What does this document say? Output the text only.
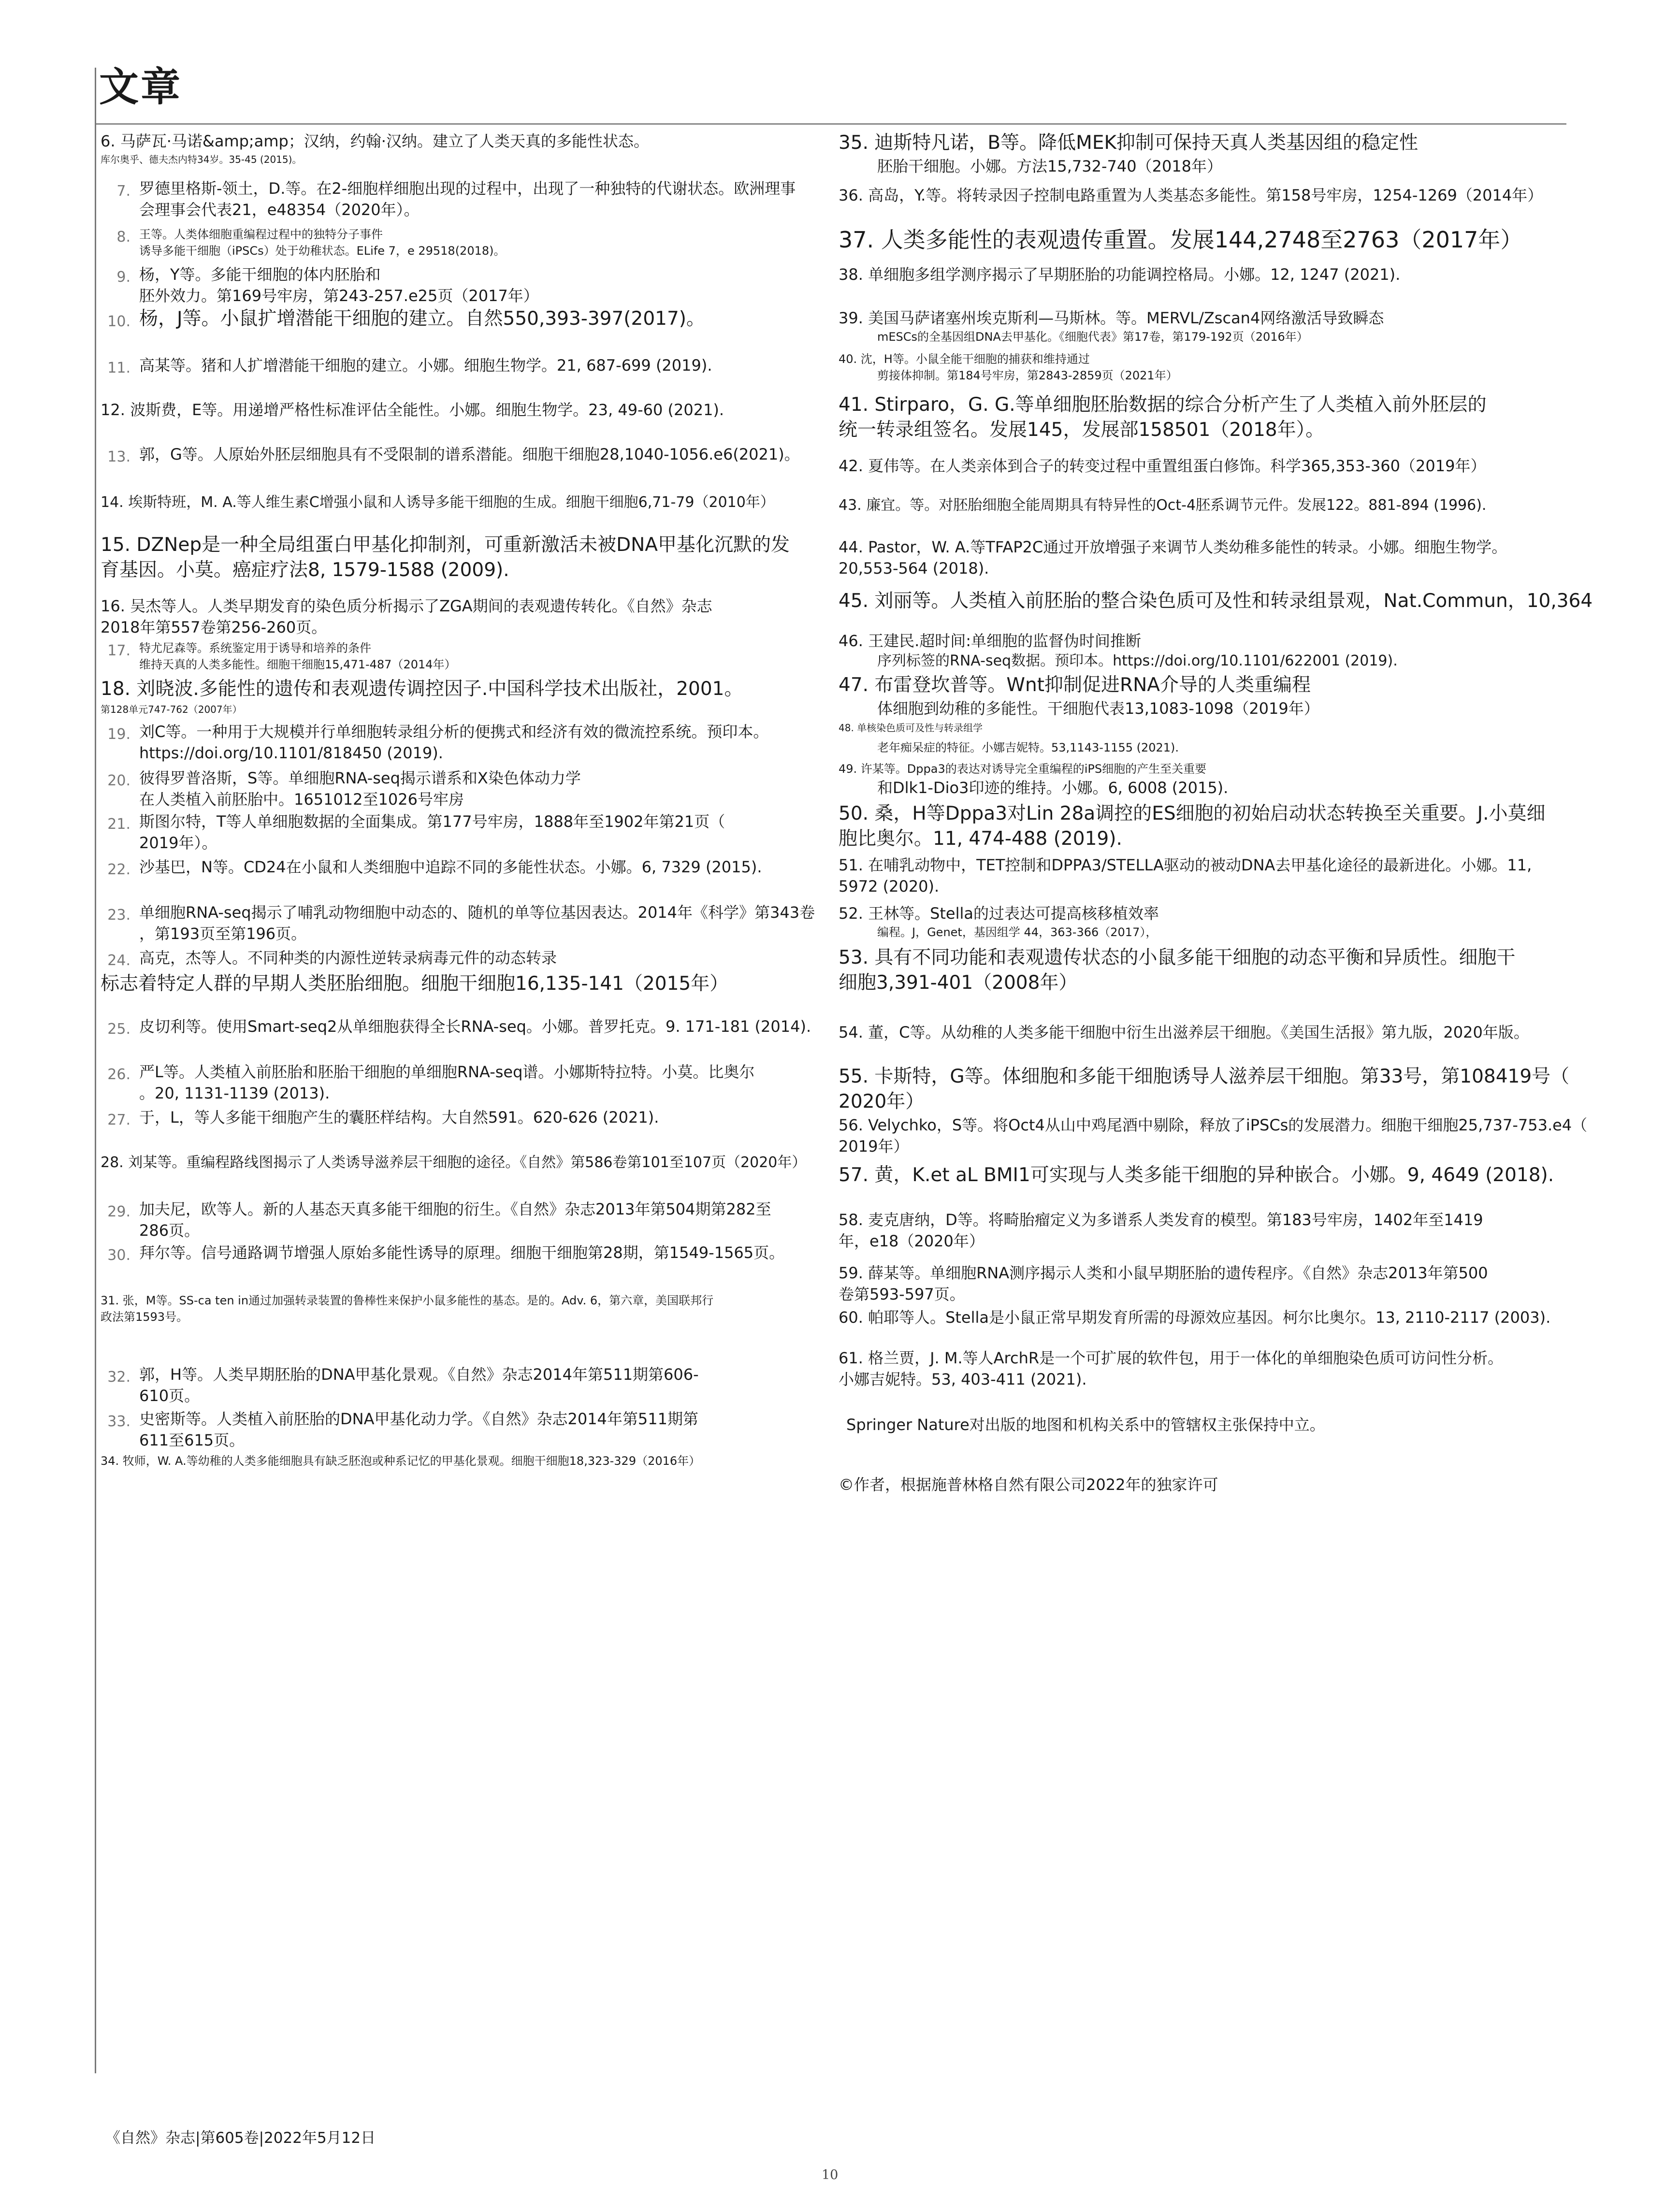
文章
6. 马萨瓦·马诺&amp;amp；汉纳，约翰·汉纳。建立了人类天真的多能性状态。
库尔奥乎、德夫杰内特34岁。35-45 (2015)。
7. 罗德里格斯-领土，D.等。在2-细胞样细胞出现的过程中，出现了一种独特的代谢状态。欧洲理事
会理事会代表21，e48354（2020年）。
8. 王等。人类体细胞重编程过程中的独特分子事件
诱导多能干细胞（iPSCs）处于幼稚状态。ELife 7，e 29518(2018)。
9. 杨，Y等。多能干细胞的体内胚胎和
胚外效力。第169号牢房，第243-257.e25页（2017年）
10. 杨，J等。小鼠扩增潜能干细胞的建立。自然550,393-397(2017)。
11. 高某等。猪和人扩增潜能干细胞的建立。小娜。细胞生物学。21, 687-699 (2019).
12. 波斯费，E等。用递增严格性标准评估全能性。小娜。细胞生物学。23, 49-60 (2021).
13. 郭，G等。人原始外胚层细胞具有不受限制的谱系潜能。细胞干细胞28,1040-1056.e6(2021)。
14. 埃斯特班，M. A.等人维生素C增强小鼠和人诱导多能干细胞的生成。细胞干细胞6,71-79（2010年）
15. DZNep是一种全局组蛋白甲基化抑制剂，可重新激活未被DNA甲基化沉默的发
育基因。小莫。癌症疗法8, 1579-1588 (2009).
16. 吴杰等人。人类早期发育的染色质分析揭示了ZGA期间的表观遗传转化。《自然》杂志
2018年第557卷第256-260页。
17. 特尤尼森等。系统鉴定用于诱导和培养的条件
维持天真的人类多能性。细胞干细胞15,471-487（2014年）
18. 刘晓波.多能性的遗传和表观遗传调控因子.中国科学技术出版社，2001。
第128单元747-762（2007年）
19. 刘C等。一种用于大规模并行单细胞转录组分析的便携式和经济有效的微流控系统。预印本。
https://doi.org/10.1101/818450 (2019).
20. 彼得罗普洛斯，S等。单细胞RNA-seq揭示谱系和X染色体动力学
在人类植入前胚胎中。1651012至1026号牢房
21. 斯图尔特，T等人单细胞数据的全面集成。第177号牢房，1888年至1902年第21页（
2019年）。
22. 沙基巴，N等。CD24在小鼠和人类细胞中追踪不同的多能性状态。小娜。6, 7329 (2015).
23. 单细胞RNA-seq揭示了哺乳动物细胞中动态的、随机的单等位基因表达。2014年《科学》第343卷
，第193页至第196页。
24. 高克，杰等人。不同种类的内源性逆转录病毒元件的动态转录
标志着特定人群的早期人类胚胎细胞。细胞干细胞16,135-141（2015年）
25. 皮切利等。使用Smart-seq2从单细胞获得全长RNA-seq。小娜。普罗托克。9. 171-181 (2014).
26. 严L等。人类植入前胚胎和胚胎干细胞的单细胞RNA-seq谱。小娜斯特拉特。小莫。比奥尔
。20, 1131-1139 (2013).
27. 于，L，等人多能干细胞产生的囊胚样结构。大自然591。620-626 (2021).
28. 刘某等。重编程路线图揭示了人类诱导滋养层干细胞的途径。《自然》第586卷第101至107页（2020年）
29. 加夫尼，欧等人。新的人基态天真多能干细胞的衍生。《自然》杂志2013年第504期第282至
286页。
30. 拜尔等。信号通路调节增强人原始多能性诱导的原理。细胞干细胞第28期，第1549-1565页。
31. 张，M等。SS-ca ten in通过加强转录装置的鲁棒性来保护小鼠多能性的基态。是的。Adv. 6，第六章，美国联邦行
政法第1593号。
32. 郭，H等。人类早期胚胎的DNA甲基化景观。《自然》杂志2014年第511期第606-
610页。
33. 史密斯等。人类植入前胚胎的DNA甲基化动力学。《自然》杂志2014年第511期第
611至615页。
34. 牧师，W. A.等幼稚的人类多能细胞具有缺乏胚泡或种系记忆的甲基化景观。细胞干细胞18,323-329（2016年）
35. 迪斯特凡诺，B等。降低MEK抑制可保持天真人类基因组的稳定性
胚胎干细胞。小娜。方法15,732-740（2018年）
36. 高岛，Y.等。将转录因子控制电路重置为人类基态多能性。第158号牢房，1254-1269（2014年）
37. 人类多能性的表观遗传重置。发展144,2748至2763（2017年）
38. 单细胞多组学测序揭示了早期胚胎的功能调控格局。小娜。12, 1247 (2021).
39. 美国马萨诸塞州埃克斯利—马斯林。等。MERVL/Zscan4网络激活导致瞬态
mESCs的全基因组DNA去甲基化。《细胞代表》第17卷，第179-192页（2016年）
40. 沈，H等。小鼠全能干细胞的捕获和维持通过
剪接体抑制。第184号牢房，第2843-2859页（2021年）
41. Stirparo，G. G.等单细胞胚胎数据的综合分析产生了人类植入前外胚层的
统一转录组签名。发展145，发展部158501（2018年）。
42. 夏伟等。在人类亲体到合子的转变过程中重置组蛋白修饰。科学365,353-360（2019年）
43. 廉宜。等。对胚胎细胞全能周期具有特异性的Oct-4胚系调节元件。发展122。881-894 (1996).
44. Pastor，W. A.等TFAP2C通过开放增强子来调节人类幼稚多能性的转录。小娜。细胞生物学。
20,553-564 (2018).
45. 刘丽等。人类植入前胚胎的整合染色质可及性和转录组景观，Nat.Commun，10,364
46. 王建民.超时间:单细胞的监督伪时间推断
序列标签的RNA-seq数据。预印本。https://doi.org/10.1101/622001 (2019).
47. 布雷登坎普等。Wnt抑制促进RNA介导的人类重编程
体细胞到幼稚的多能性。干细胞代表13,1083-1098（2019年）
48. 单核染色质可及性与转录组学
老年痴呆症的特征。小娜吉妮特。53,1143-1155 (2021).
49. 许某等。Dppa3的表达对诱导完全重编程的iPS细胞的产生至关重要
和Dlk1-Dio3印迹的维持。小娜。6, 6008 (2015).
50. 桑，H等Dppa3对Lin 28a调控的ES细胞的初始启动状态转换至关重要。J.小莫细
胞比奥尔。11, 474-488 (2019).
51. 在哺乳动物中，TET控制和DPPA3/STELLA驱动的被动DNA去甲基化途径的最新进化。小娜。11,
5972 (2020).
52. 王林等。Stella的过表达可提高核移植效率
编程。J，Genet，基因组学 44，363-366（2017），
53. 具有不同功能和表观遗传状态的小鼠多能干细胞的动态平衡和异质性。细胞干
细胞3,391-401（2008年）
54. 董，C等。从幼稚的人类多能干细胞中衍生出滋养层干细胞。《美国生活报》第九版，2020年版。
55. 卡斯特，G等。体细胞和多能干细胞诱导人滋养层干细胞。第33号，第108419号（
2020年）
56. Velychko，S等。将Oct4从山中鸡尾酒中剔除，释放了iPSCs的发展潜力。细胞干细胞25,737-753.e4（
2019年）
57. 黄，K.et aL BMI1可实现与人类多能干细胞的异种嵌合。小娜。9, 4649 (2018).
58. 麦克唐纳，D等。将畸胎瘤定义为多谱系人类发育的模型。第183号牢房，1402年至1419
年，e18（2020年）
59. 薛某等。单细胞RNA测序揭示人类和小鼠早期胚胎的遗传程序。《自然》杂志2013年第500
卷第593-597页。
60. 帕耶等人。Stella是小鼠正常早期发育所需的母源效应基因。柯尔比奥尔。13, 2110-2117 (2003).
61. 格兰贾，J. M.等人ArchR是一个可扩展的软件包，用于一体化的单细胞染色质可访问性分析。
小娜吉妮特。53, 403-411 (2021).
Springer Nature对出版的地图和机构关系中的管辖权主张保持中立。
©作者，根据施普林格自然有限公司2022年的独家许可
《自然》杂志|第605卷|2022年5月12日
10
